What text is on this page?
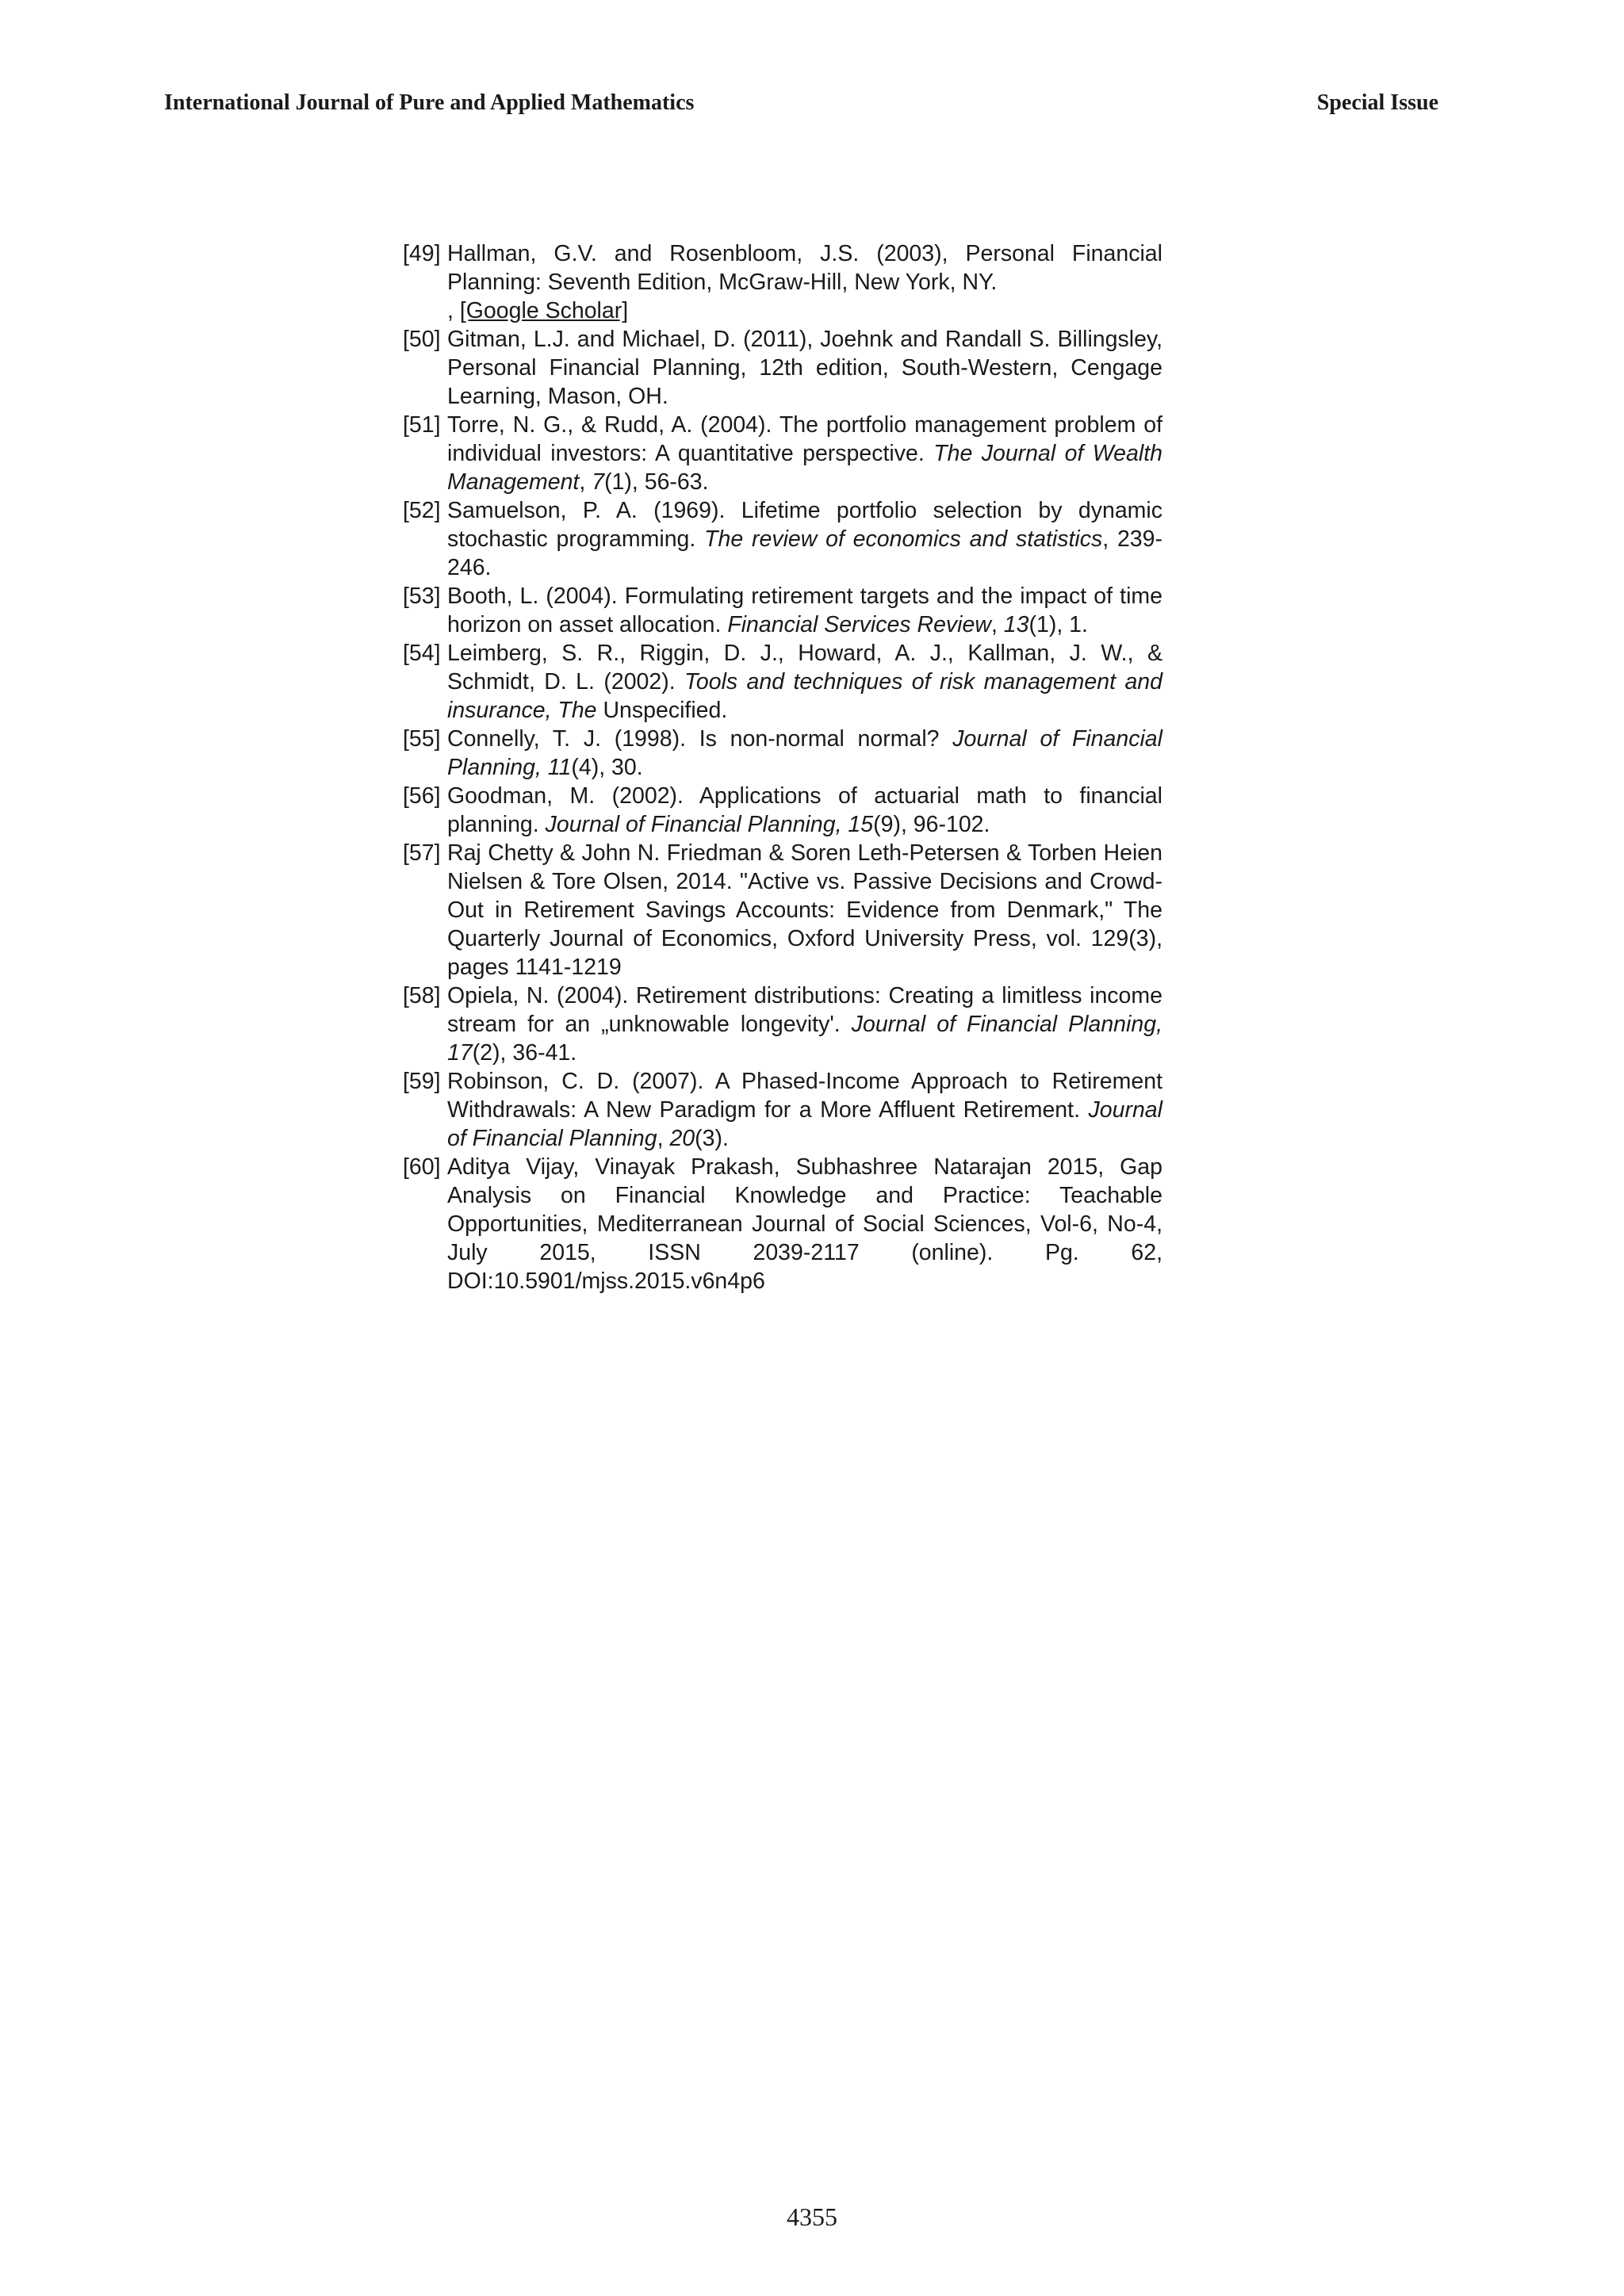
International Journal of Pure and Applied Mathematics	Special Issue
[49] Hallman, G.V. and Rosenbloom, J.S. (2003), Personal Financial Planning: Seventh Edition, McGraw-Hill, New York, NY.
, [Google Scholar]
[50] Gitman, L.J. and Michael, D. (2011), Joehnk and Randall S. Billingsley, Personal Financial Planning, 12th edition, South-Western, Cengage Learning, Mason, OH.
[51] Torre, N. G., & Rudd, A. (2004). The portfolio management problem of individual investors: A quantitative perspective. The Journal of Wealth Management, 7(1), 56-63.
[52] Samuelson, P. A. (1969). Lifetime portfolio selection by dynamic stochastic programming. The review of economics and statistics, 239-246.
[53] Booth, L. (2004). Formulating retirement targets and the impact of time horizon on asset allocation. Financial Services Review, 13(1), 1.
[54] Leimberg, S. R., Riggin, D. J., Howard, A. J., Kallman, J. W., & Schmidt, D. L. (2002). Tools and techniques of risk management and insurance, The Unspecified.
[55] Connelly, T. J. (1998). Is non-normal normal? Journal of Financial Planning, 11(4), 30.
[56] Goodman, M. (2002). Applications of actuarial math to financial planning. Journal of Financial Planning, 15(9), 96-102.
[57] Raj Chetty & John N. Friedman & Soren Leth-Petersen & Torben Heien Nielsen & Tore Olsen, 2014. "Active vs. Passive Decisions and Crowd-Out in Retirement Savings Accounts: Evidence from Denmark," The Quarterly Journal of Economics, Oxford University Press, vol. 129(3), pages 1141-1219
[58] Opiela, N. (2004). Retirement distributions: Creating a limitless income stream for an „unknowable longevity'. Journal of Financial Planning, 17(2), 36-41.
[59] Robinson, C. D. (2007). A Phased-Income Approach to Retirement Withdrawals: A New Paradigm for a More Affluent Retirement. Journal of Financial Planning, 20(3).
[60] Aditya Vijay, Vinayak Prakash, Subhashree Natarajan 2015, Gap Analysis on Financial Knowledge and Practice: Teachable Opportunities, Mediterranean Journal of Social Sciences, Vol-6, No-4, July 2015, ISSN 2039-2117 (online). Pg. 62, DOI:10.5901/mjss.2015.v6n4p6
4355
